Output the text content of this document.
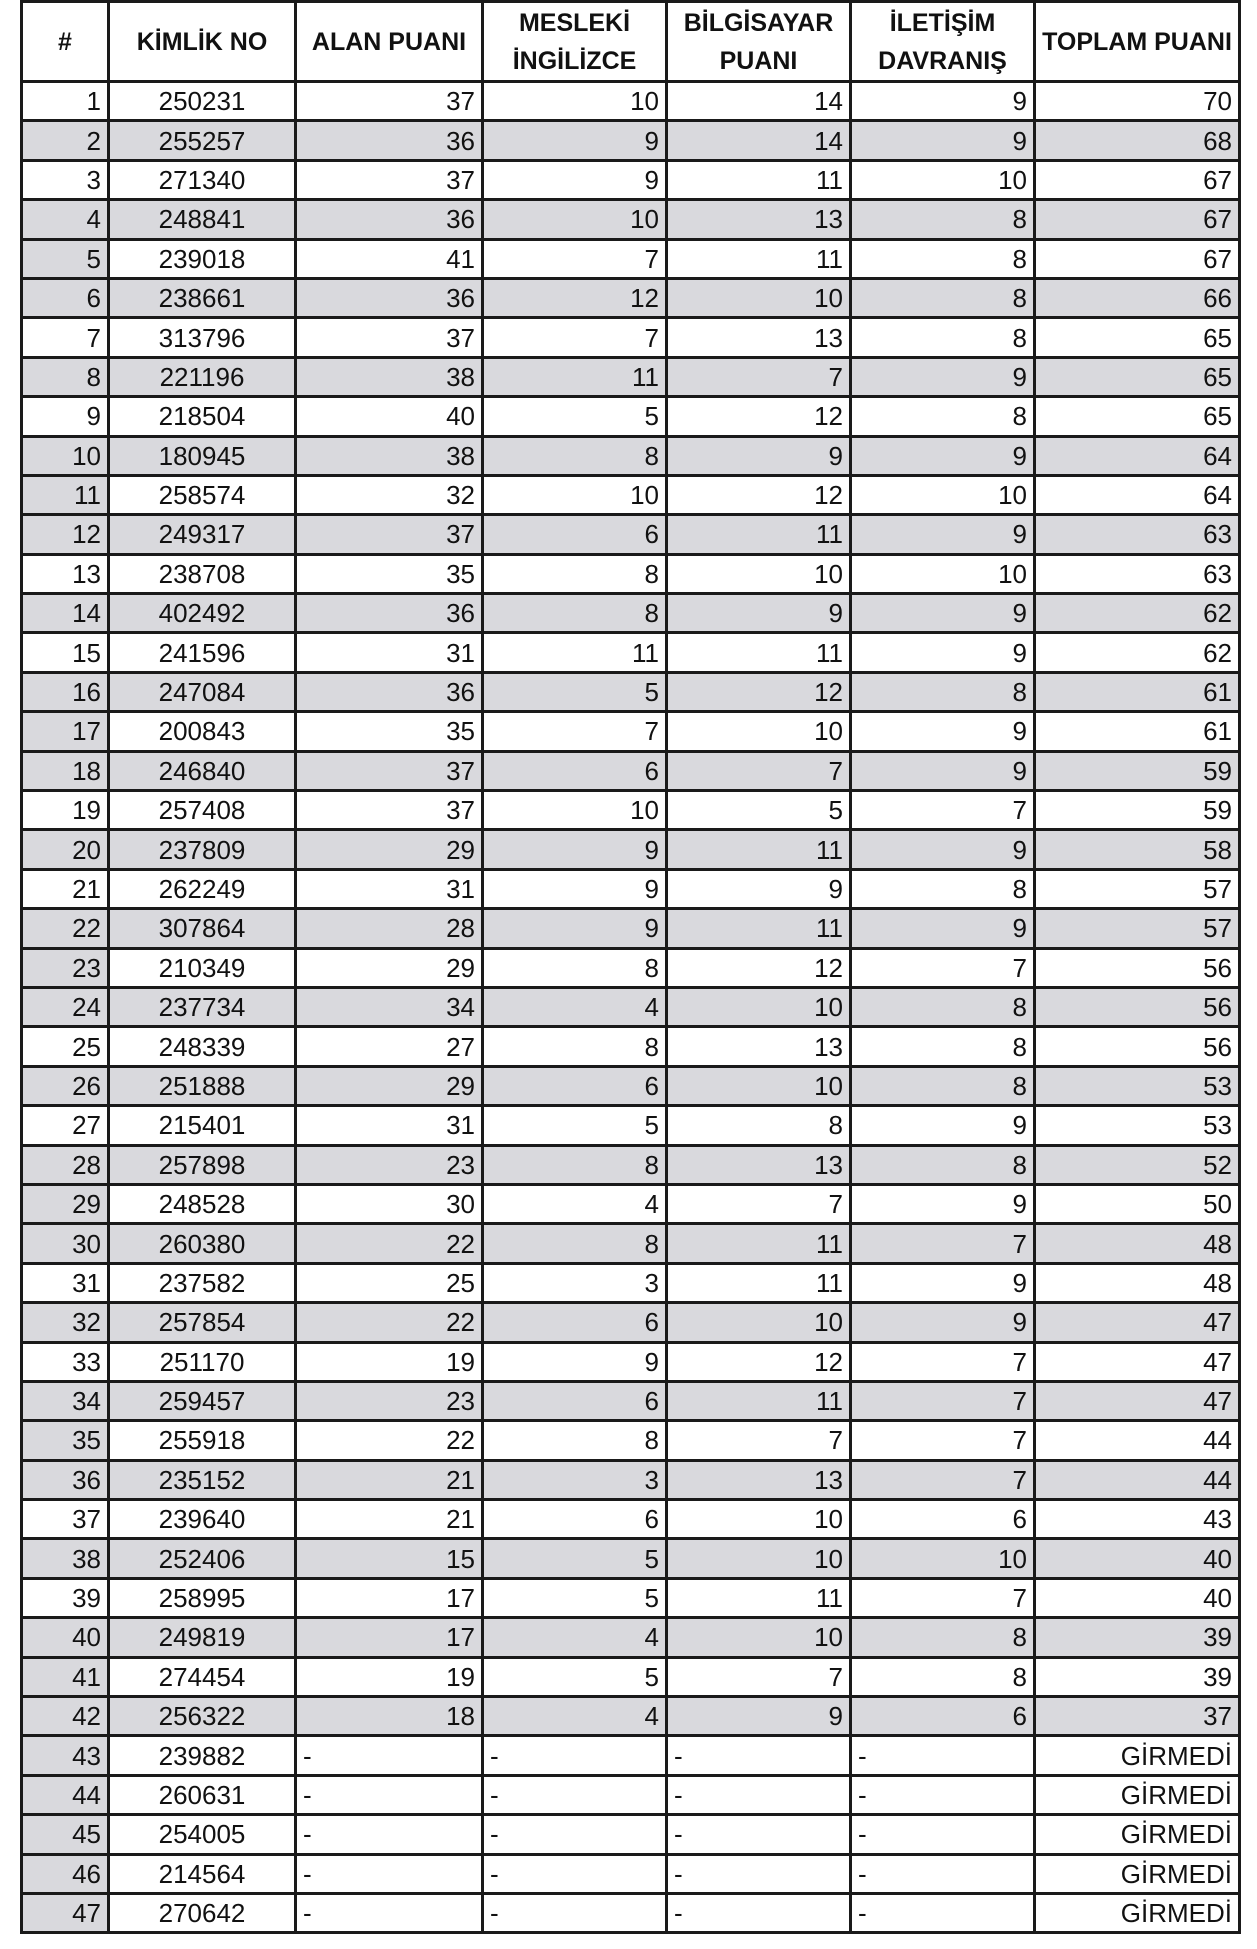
#	KİMLİK NO	ALAN PUANI	MESLEKİ İNGİLİZCE	BİLGİSAYAR PUANI	İLETİŞİM DAVRANIŞ	TOPLAM PUANI
1	250231	37	10	14	9	70
2	255257	36	9	14	9	68
3	271340	37	9	11	10	67
4	248841	36	10	13	8	67
5	239018	41	7	11	8	67
6	238661	36	12	10	8	66
7	313796	37	7	13	8	65
8	221196	38	11	7	9	65
9	218504	40	5	12	8	65
10	180945	38	8	9	9	64
11	258574	32	10	12	10	64
12	249317	37	6	11	9	63
13	238708	35	8	10	10	63
14	402492	36	8	9	9	62
15	241596	31	11	11	9	62
16	247084	36	5	12	8	61
17	200843	35	7	10	9	61
18	246840	37	6	7	9	59
19	257408	37	10	5	7	59
20	237809	29	9	11	9	58
21	262249	31	9	9	8	57
22	307864	28	9	11	9	57
23	210349	29	8	12	7	56
24	237734	34	4	10	8	56
25	248339	27	8	13	8	56
26	251888	29	6	10	8	53
27	215401	31	5	8	9	53
28	257898	23	8	13	8	52
29	248528	30	4	7	9	50
30	260380	22	8	11	7	48
31	237582	25	3	11	9	48
32	257854	22	6	10	9	47
33	251170	19	9	12	7	47
34	259457	23	6	11	7	47
35	255918	22	8	7	7	44
36	235152	21	3	13	7	44
37	239640	21	6	10	6	43
38	252406	15	5	10	10	40
39	258995	17	5	11	7	40
40	249819	17	4	10	8	39
41	274454	19	5	7	8	39
42	256322	18	4	9	6	37
43	239882	-	-	-	-	GİRMEDİ
44	260631	-	-	-	-	GİRMEDİ
45	254005	-	-	-	-	GİRMEDİ
46	214564	-	-	-	-	GİRMEDİ
47	270642	-	-	-	-	GİRMEDİ
